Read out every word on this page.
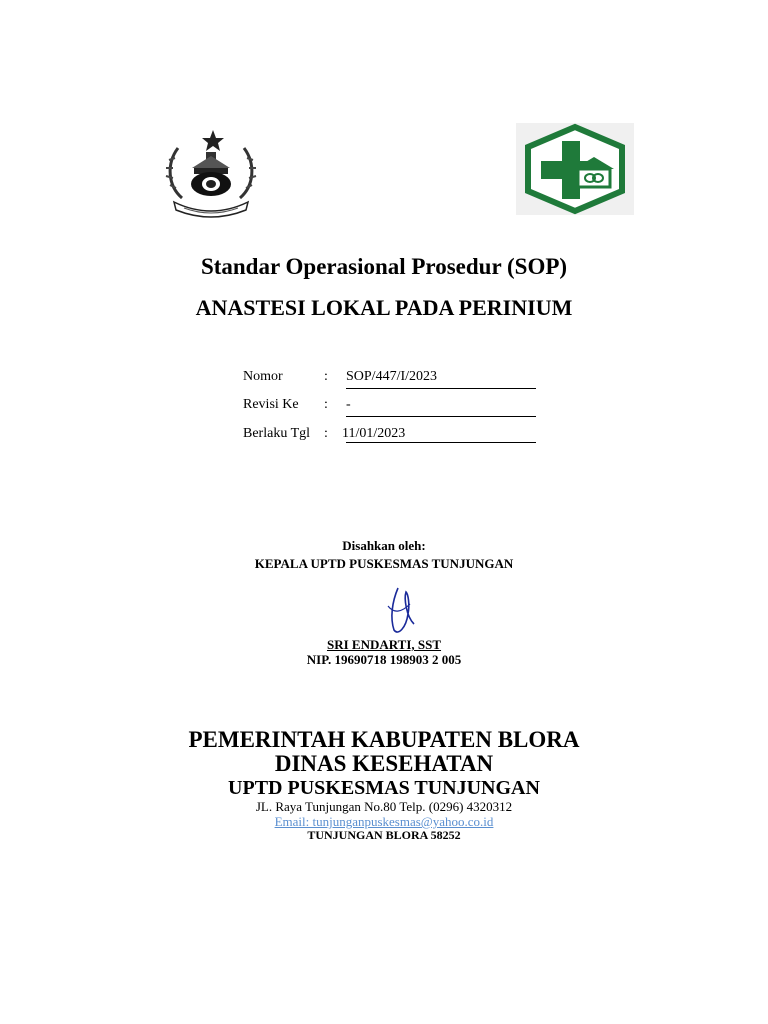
Standar Operasional Prosedur (SOP)
ANASTESI LOKAL PADA PERINIUM
Nomor	: SOP/447/I/2023
Revisi Ke : -
Berlaku Tgl : 11/01/2023
Disahkan oleh:
KEPALA UPTD PUSKESMAS TUNJUNGAN
SRI ENDARTI, SST
NIP. 19690718 198903 2 005
PEMERINTAH KABUPATEN BLORA
DINAS KESEHATAN
UPTD PUSKESMAS TUNJUNGAN
JL. Raya Tunjungan No.80 Telp. (0296) 4320312
Email: tunjunganpuskesmas@yahoo.co.id
TUNJUNGAN BLORA 58252
